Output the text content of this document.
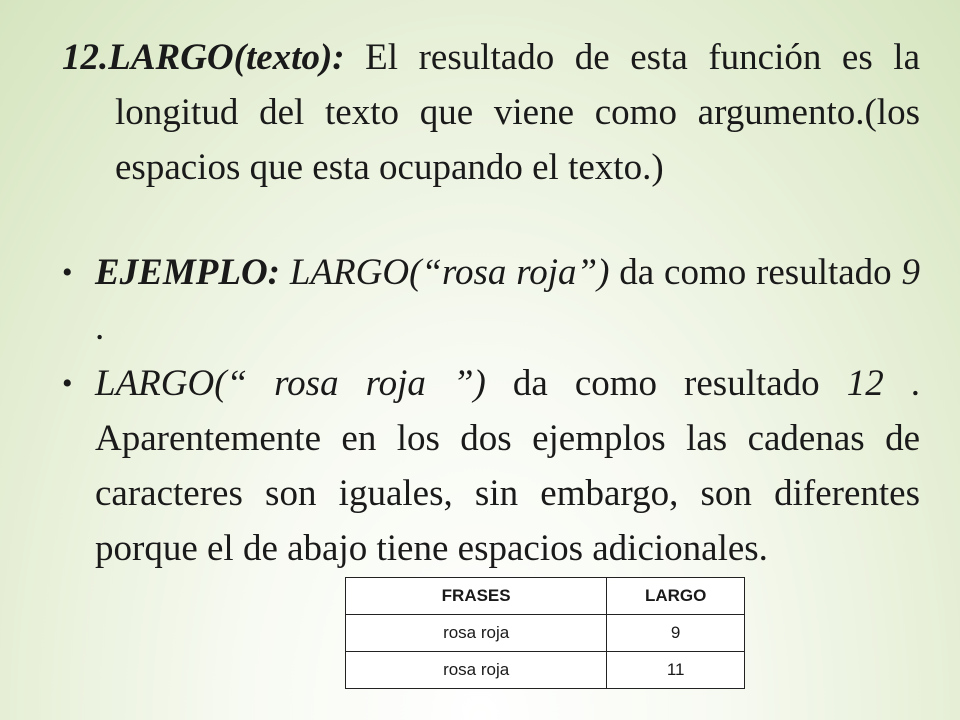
12.LARGO(texto): El resultado de esta función es la longitud del texto que viene como argumento.(los espacios que esta ocupando el texto.)
• EJEMPLO: LARGO(“rosa roja”) da como resultado 9 .
• LARGO(“ rosa roja ”) da como resultado 12 . Aparentemente en los dos ejemplos las cadenas de caracteres son iguales, sin embargo, son diferentes porque el de abajo tiene espacios adicionales.
FRASES	LARGO
rosa roja	9
rosa roja	11
